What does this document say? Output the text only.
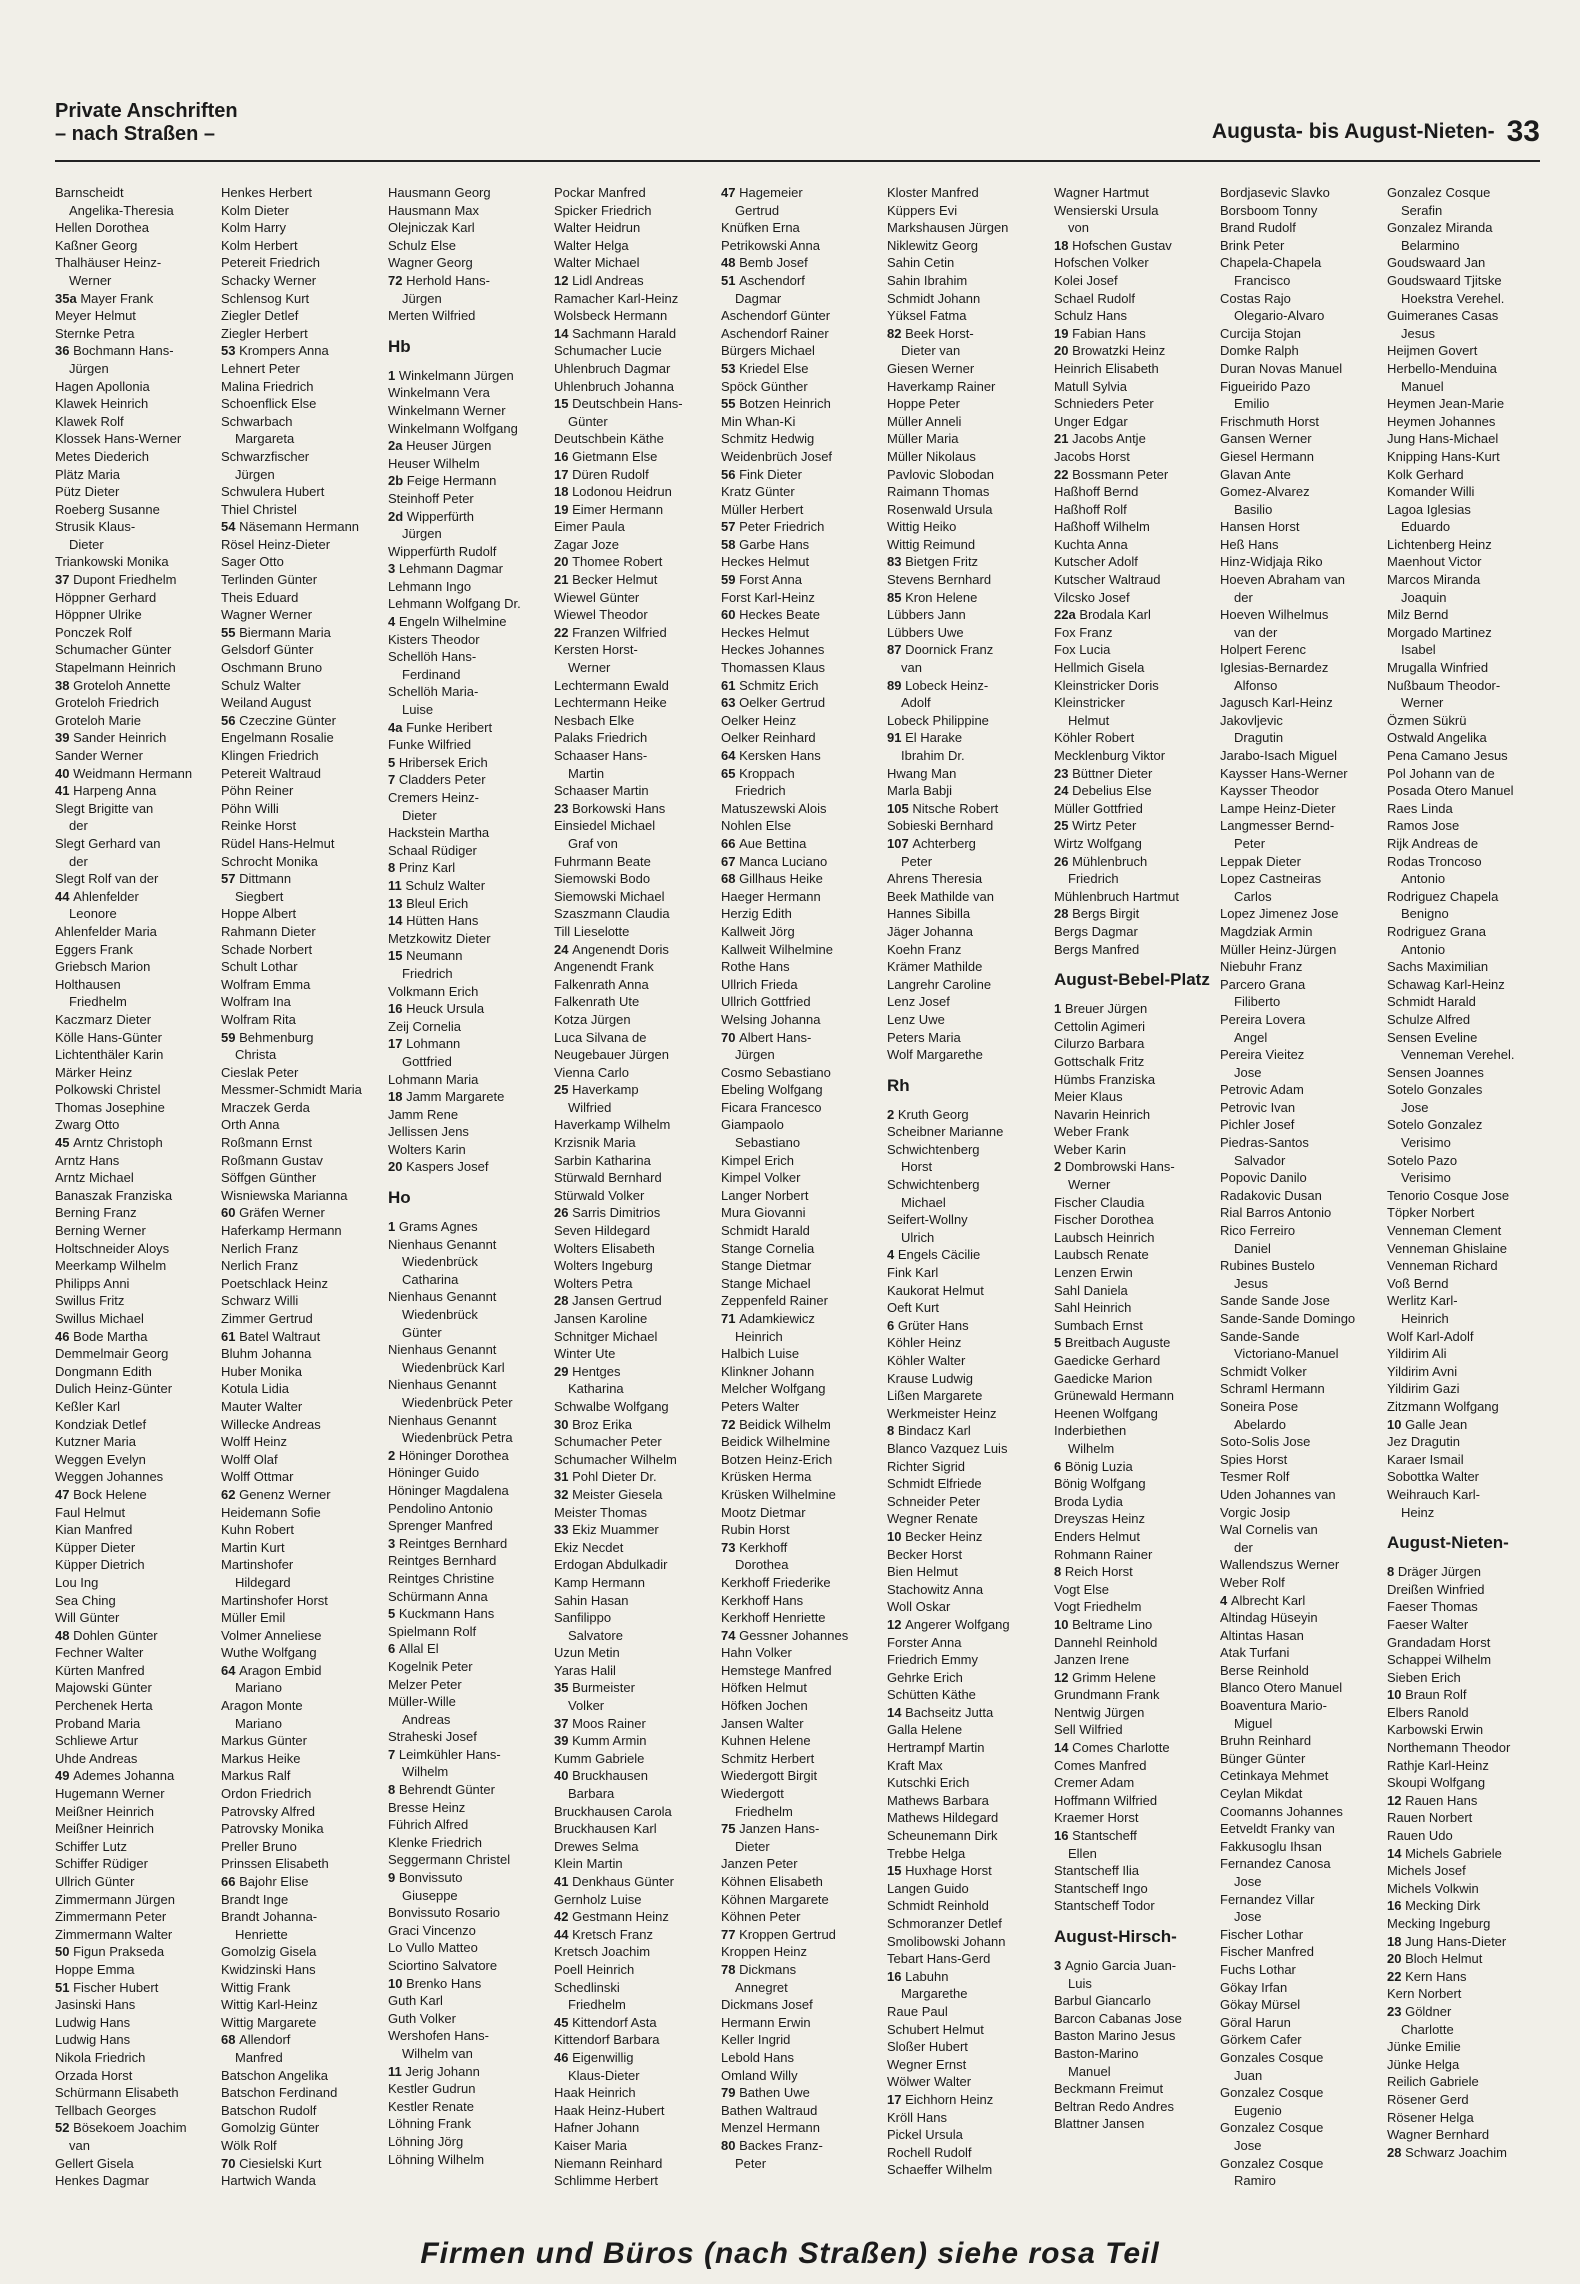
Private Anschriften
– nach Straßen –	Augusta- bis August-Nieten- 33
Barnscheidt
Angelika-Theresia
Hellen Dorothea
Kaßner Georg
Thalhäuser Heinz-
Werner
35a Mayer Frank
Meyer Helmut
Sternke Petra
36 Bochmann Hans-
Jürgen
Hagen Apollonia
Klawek Heinrich
Klawek Rolf
Klossek Hans-Werner
Metes Diederich
Plätz Maria
Pütz Dieter
Roeberg Susanne
Strusik Klaus-
Dieter
Triankowski Monika
37 Dupont Friedhelm
Höppner Gerhard
Höppner Ulrike
Ponczek Rolf
Schumacher Günter
Stapelmann Heinrich
38 Groteloh Annette
Groteloh Friedrich
Groteloh Marie
39 Sander Heinrich
Sander Werner
40 Weidmann Hermann
41 Harpeng Anna
Slegt Brigitte van
der
Slegt Gerhard van
der
Slegt Rolf van der
44 Ahlenfelder
Leonore
Ahlenfelder Maria
Eggers Frank
Griebsch Marion
Holthausen
Friedhelm
Kaczmarz Dieter
Kölle Hans-Günter
Lichtenthäler Karin
Märker Heinz
Polkowski Christel
Thomas Josephine
Zwarg Otto
45 Arntz Christoph
Arntz Hans
Arntz Michael
Banaszak Franziska
Berning Franz
Berning Werner
Holtschneider Aloys
Meerkamp Wilhelm
Philipps Anni
Swillus Fritz
Swillus Michael
46 Bode Martha
Demmelmair Georg
Dongmann Edith
Dulich Heinz-Günter
Keßler Karl
Kondziak Detlef
Kutzner Maria
Weggen Evelyn
Weggen Johannes
47 Bock Helene
Faul Helmut
Kian Manfred
Küpper Dieter
Küpper Dietrich
Lou Ing
Sea Ching
Will Günter
48 Dohlen Günter
Fechner Walter
Kürten Manfred
Majowski Günter
Perchenek Herta
Proband Maria
Schliewe Artur
Uhde Andreas
49 Ademes Johanna
Hugemann Werner
Meißner Heinrich
Meißner Heinrich
Schiffer Lutz
Schiffer Rüdiger
Ullrich Günter
Zimmermann Jürgen
Zimmermann Peter
Zimmermann Walter
50 Figun Prakseda
Hoppe Emma
51 Fischer Hubert
Jasinski Hans
Ludwig Hans
Ludwig Hans
Nikola Friedrich
Orzada Horst
Schürmann Elisabeth
Tellbach Georges
52 Bösekoem Joachim
van
Gellert Gisela
Henkes Dagmar
Henkes Herbert
Kolm Dieter
Kolm Harry
Kolm Herbert
Petereit Friedrich
Schacky Werner
Schlensog Kurt
Ziegler Detlef
Ziegler Herbert
53 Krompers Anna
Lehnert Peter
Malina Friedrich
Schoenflick Else
Schwarbach
Margareta
Schwarzfischer
Jürgen
Schwulera Hubert
Thiel Christel
54 Näsemann Hermann
Rösel Heinz-Dieter
Sager Otto
Terlinden Günter
Theis Eduard
Wagner Werner
55 Biermann Maria
Gelsdorf Günter
Oschmann Bruno
Schulz Walter
Weiland August
56 Czeczine Günter
Engelmann Rosalie
Klingen Friedrich
Petereit Waltraud
Pöhn Reiner
Pöhn Willi
Reinke Horst
Rüdel Hans-Helmut
Schrocht Monika
57 Dittmann
Siegbert
Hoppe Albert
Rahmann Dieter
Schade Norbert
Schult Lothar
Wolfram Emma
Wolfram Ina
Wolfram Rita
59 Behmenburg
Christa
Cieslak Peter
Messmer-Schmidt Maria
Mraczek Gerda
Orth Anna
Roßmann Ernst
Roßmann Gustav
Söffgen Günther
Wisniewska Marianna
60 Gräfen Werner
Haferkamp Hermann
Nerlich Franz
Nerlich Franz
Poetschlack Heinz
Schwarz Willi
Zimmer Gertrud
61 Batel Waltraut
Bluhm Johanna
Huber Monika
Kotula Lidia
Mauter Walter
Willecke Andreas
Wolff Heinz
Wolff Olaf
Wolff Ottmar
62 Genenz Werner
Heidemann Sofie
Kuhn Robert
Martin Kurt
Martinshofer
Hildegard
Martinshofer Horst
Müller Emil
Volmer Anneliese
Wuthe Wolfgang
64 Aragon Embid
Mariano
Aragon Monte
Mariano
Markus Günter
Markus Heike
Markus Ralf
Ordon Friedrich
Patrovsky Alfred
Patrovsky Monika
Preller Bruno
Prinssen Elisabeth
66 Bajohr Elise
Brandt Inge
Brandt Johanna-
Henriette
Gomolzig Gisela
Kwidzinski Hans
Wittig Frank
Wittig Karl-Heinz
Wittig Margarete
68 Allendorf
Manfred
Batschon Angelika
Batschon Ferdinand
Batschon Rudolf
Gomolzig Günter
Wölk Rolf
70 Ciesielski Kurt
Hartwich Wanda
Hausmann Georg
Hausmann Max
Olejniczak Karl
Schulz Else
Wagner Georg
72 Herhold Hans-
Jürgen
Merten Wilfried
Hb
1 Winkelmann Jürgen
Winkelmann Vera
Winkelmann Werner
Winkelmann Wolfgang
2a Heuser Jürgen
Heuser Wilhelm
2b Feige Hermann
Steinhoff Peter
2d Wipperfürth
Jürgen
Wipperfürth Rudolf
3 Lehmann Dagmar
Lehmann Ingo
Lehmann Wolfgang Dr.
4 Engeln Wilhelmine
Kisters Theodor
Schellöh Hans-
Ferdinand
Schellöh Maria-
Luise
4a Funke Heribert
Funke Wilfried
5 Hribersek Erich
7 Cladders Peter
Cremers Heinz-
Dieter
Hackstein Martha
Schaal Rüdiger
8 Prinz Karl
11 Schulz Walter
13 Bleul Erich
14 Hütten Hans
Metzkowitz Dieter
15 Neumann
Friedrich
Volkmann Erich
16 Heuck Ursula
Zeij Cornelia
17 Lohmann
Gottfried
Lohmann Maria
18 Jamm Margarete
Jamm Rene
Jellissen Jens
Wolters Karin
20 Kaspers Josef
Ho
1 Grams Agnes
Nienhaus Genannt
Wiedenbrück
Catharina
Nienhaus Genannt
Wiedenbrück
Günter
Nienhaus Genannt
Wiedenbrück Karl
Nienhaus Genannt
Wiedenbrück Peter
Nienhaus Genannt
Wiedenbrück Petra
2 Höninger Dorothea
Höninger Guido
Höninger Magdalena
Pendolino Antonio
Sprenger Manfred
3 Reintges Bernhard
Reintges Bernhard
Reintges Christine
Schürmann Anna
5 Kuckmann Hans
Spielmann Rolf
6 Allal El
Kogelnik Peter
Melzer Peter
Müller-Wille
Andreas
Straheski Josef
7 Leimkühler Hans-
Wilhelm
8 Behrendt Günter
Bresse Heinz
Führich Alfred
Klenke Friedrich
Seggermann Christel
9 Bonvissuto
Giuseppe
Bonvissuto Rosario
Graci Vincenzo
Lo Vullo Matteo
Sciortino Salvatore
10 Brenko Hans
Guth Karl
Guth Volker
Wershofen Hans-
Wilhelm van
11 Jerig Johann
Kestler Gudrun
Kestler Renate
Löhning Frank
Löhning Jörg
Löhning Wilhelm
Pockar Manfred
Spicker Friedrich
Walter Heidrun
Walter Helga
Walter Michael
12 Lidl Andreas
Ramacher Karl-Heinz
Wolsbeck Hermann
14 Sachmann Harald
Schumacher Lucie
Uhlenbruch Dagmar
Uhlenbruch Johanna
15 Deutschbein Hans-
Günter
Deutschbein Käthe
16 Gietmann Else
17 Düren Rudolf
18 Lodonou Heidrun
19 Eimer Hermann
Eimer Paula
Zagar Joze
20 Thomee Robert
21 Becker Helmut
Wiewel Günter
Wiewel Theodor
22 Franzen Wilfried
Kersten Horst-
Werner
Lechtermann Ewald
Lechtermann Heike
Nesbach Elke
Palaks Friedrich
Schaaser Hans-
Martin
Schaaser Martin
23 Borkowski Hans
Einsiedel Michael
Graf von
Fuhrmann Beate
Siemowski Bodo
Siemowski Michael
Szaszmann Claudia
Till Lieselotte
24 Angenendt Doris
Angenendt Frank
Falkenrath Anna
Falkenrath Ute
Kotza Jürgen
Luca Silvana de
Neugebauer Jürgen
Vienna Carlo
25 Haverkamp
Wilfried
Haverkamp Wilhelm
Krzisnik Maria
Sarbin Katharina
Stürwald Bernhard
Stürwald Volker
26 Sarris Dimitrios
Seven Hildegard
Wolters Elisabeth
Wolters Ingeburg
Wolters Petra
28 Jansen Gertrud
Jansen Karoline
Schnitger Michael
Winter Ute
29 Hentges
Katharina
Schwalbe Wolfgang
30 Broz Erika
Schumacher Peter
Schumacher Wilhelm
31 Pohl Dieter Dr.
32 Meister Giesela
Meister Thomas
33 Ekiz Muammer
Ekiz Necdet
Erdogan Abdulkadir
Kamp Hermann
Sahin Hasan
Sanfilippo
Salvatore
Uzun Metin
Yaras Halil
35 Burmeister
Volker
37 Moos Rainer
39 Kumm Armin
Kumm Gabriele
40 Bruckhausen
Barbara
Bruckhausen Carola
Bruckhausen Karl
Drewes Selma
Klein Martin
41 Denkhaus Günter
Gernholz Luise
42 Gestmann Heinz
44 Kretsch Franz
Kretsch Joachim
Poell Heinrich
Schedlinski
Friedhelm
45 Kittendorf Asta
Kittendorf Barbara
46 Eigenwillig
Klaus-Dieter
Haak Heinrich
Haak Heinz-Hubert
Hafner Johann
Kaiser Maria
Niemann Reinhard
Schlimme Herbert
47 Hagemeier
Gertrud
Knüfken Erna
Petrikowski Anna
48 Bemb Josef
51 Aschendorf
Dagmar
Aschendorf Günter
Aschendorf Rainer
Bürgers Michael
53 Kriedel Else
Spöck Günther
55 Botzen Heinrich
Min Whan-Ki
Schmitz Hedwig
Weidenbrüch Josef
56 Fink Dieter
Kratz Günter
Müller Herbert
57 Peter Friedrich
58 Garbe Hans
Heckes Helmut
59 Forst Anna
Forst Karl-Heinz
60 Heckes Beate
Heckes Helmut
Heckes Johannes
Thomassen Klaus
61 Schmitz Erich
63 Oelker Gertrud
Oelker Heinz
Oelker Reinhard
64 Kersken Hans
65 Kroppach
Friedrich
Matuszewski Alois
Nohlen Else
66 Aue Bettina
67 Manca Luciano
68 Gillhaus Heike
Haeger Hermann
Herzig Edith
Kallweit Jörg
Kallweit Wilhelmine
Rothe Hans
Ullrich Frieda
Ullrich Gottfried
Welsing Johanna
70 Albert Hans-
Jürgen
Cosmo Sebastiano
Ebeling Wolfgang
Ficara Francesco
Giampaolo
Sebastiano
Kimpel Erich
Kimpel Volker
Langer Norbert
Mura Giovanni
Schmidt Harald
Stange Cornelia
Stange Dietmar
Stange Michael
Zeppenfeld Rainer
71 Adamkiewicz
Heinrich
Halbich Luise
Klinkner Johann
Melcher Wolfgang
Peters Walter
72 Beidick Wilhelm
Beidick Wilhelmine
Botzen Heinz-Erich
Krüsken Herma
Krüsken Wilhelmine
Mootz Dietmar
Rubin Horst
73 Kerkhoff
Dorothea
Kerkhoff Friederike
Kerkhoff Hans
Kerkhoff Henriette
74 Gessner Johannes
Hahn Volker
Hemstege Manfred
Höfken Helmut
Höfken Jochen
Jansen Walter
Kuhnen Helene
Schmitz Herbert
Wiedergott Birgit
Wiedergott
Friedhelm
75 Janzen Hans-
Dieter
Janzen Peter
Köhnen Elisabeth
Köhnen Margarete
Köhnen Peter
77 Kroppen Gertrud
Kroppen Heinz
78 Dickmans
Annegret
Dickmans Josef
Hermann Erwin
Keller Ingrid
Lebold Hans
Omland Willy
79 Bathen Uwe
Bathen Waltraud
Menzel Hermann
80 Backes Franz-
Peter
Kloster Manfred
Küppers Evi
Markshausen Jürgen
Niklewitz Georg
Sahin Cetin
Sahin Ibrahim
Schmidt Johann
Yüksel Fatma
82 Beek Horst-
Dieter van
Giesen Werner
Haverkamp Rainer
Hoppe Peter
Müller Anneli
Müller Maria
Müller Nikolaus
Pavlovic Slobodan
Raimann Thomas
Rosenwald Ursula
Wittig Heiko
Wittig Reimund
83 Bietgen Fritz
Stevens Bernhard
85 Kron Helene
Lübbers Jann
Lübbers Uwe
87 Doornick Franz
van
89 Lobeck Heinz-
Adolf
Lobeck Philippine
91 El Harake
Ibrahim Dr.
Hwang Man
Marla Babji
105 Nitsche Robert
Sobieski Bernhard
107 Achterberg
Peter
Ahrens Theresia
Beek Mathilde van
Hannes Sibilla
Jäger Johanna
Koehn Franz
Krämer Mathilde
Langrehr Caroline
Lenz Josef
Lenz Uwe
Peters Maria
Wolf Margarethe
Rh
2 Kruth Georg
Scheibner Marianne
Schwichtenberg
Horst
Schwichtenberg
Michael
Seifert-Wollny
Ulrich
4 Engels Cäcilie
Fink Karl
Kaukorat Helmut
Oeft Kurt
6 Grüter Hans
Köhler Heinz
Köhler Walter
Krause Ludwig
Lißen Margarete
Werkmeister Heinz
8 Bindacz Karl
Blanco Vazquez Luis
Richter Sigrid
Schmidt Elfriede
Schneider Peter
Wegner Renate
10 Becker Heinz
Becker Horst
Bien Helmut
Stachowitz Anna
Woll Oskar
12 Angerer Wolfgang
Forster Anna
Friedrich Emmy
Gehrke Erich
Schütten Käthe
14 Bachseitz Jutta
Galla Helene
Hertrampf Martin
Kraft Max
Kutschki Erich
Mathews Barbara
Mathews Hildegard
Scheunemann Dirk
Trebbe Helga
15 Huxhage Horst
Langen Guido
Schmidt Reinhold
Schmoranzer Detlef
Smolibowski Johann
Tebart Hans-Gerd
16 Labuhn
Margarethe
Raue Paul
Schubert Helmut
Sloßer Hubert
Wegner Ernst
Wölwer Walter
17 Eichhorn Heinz
Kröll Hans
Pickel Ursula
Rochell Rudolf
Schaeffer Wilhelm
Wagner Hartmut
Wensierski Ursula
von
18 Hofschen Gustav
Hofschen Volker
Kolei Josef
Schael Rudolf
Schulz Hans
19 Fabian Hans
20 Browatzki Heinz
Heinrich Elisabeth
Matull Sylvia
Schnieders Peter
Unger Edgar
21 Jacobs Antje
Jacobs Horst
22 Bossmann Peter
Haßhoff Bernd
Haßhoff Rolf
Haßhoff Wilhelm
Kuchta Anna
Kutscher Adolf
Kutscher Waltraud
Vilcsko Josef
22a Brodala Karl
Fox Franz
Fox Lucia
Hellmich Gisela
Kleinstricker Doris
Kleinstricker
Helmut
Köhler Robert
Mecklenburg Viktor
23 Büttner Dieter
24 Debelius Else
Müller Gottfried
25 Wirtz Peter
Wirtz Wolfgang
26 Mühlenbruch
Friedrich
Mühlenbruch Hartmut
28 Bergs Birgit
Bergs Dagmar
Bergs Manfred
August-Bebel-Platz
1 Breuer Jürgen
Cettolin Agimeri
Cilurzo Barbara
Gottschalk Fritz
Hümbs Franziska
Meier Klaus
Navarin Heinrich
Weber Frank
Weber Karin
2 Dombrowski Hans-
Werner
Fischer Claudia
Fischer Dorothea
Laubsch Heinrich
Laubsch Renate
Lenzen Erwin
Sahl Daniela
Sahl Heinrich
Sumbach Ernst
5 Breitbach Auguste
Gaedicke Gerhard
Gaedicke Marion
Grünewald Hermann
Heenen Wolfgang
Inderbiethen
Wilhelm
6 Bönig Luzia
Bönig Wolfgang
Broda Lydia
Dreyszas Heinz
Enders Helmut
Rohmann Rainer
8 Reich Horst
Vogt Else
Vogt Friedhelm
10 Beltrame Lino
Dannehl Reinhold
Janzen Irene
12 Grimm Helene
Grundmann Frank
Nentwig Jürgen
Sell Wilfried
14 Comes Charlotte
Comes Manfred
Cremer Adam
Hoffmann Wilfried
Kraemer Horst
16 Stantscheff
Ellen
Stantscheff Ilia
Stantscheff Ingo
Stantscheff Todor
August-Hirsch-
3 Agnio Garcia Juan-
Luis
Barbul Giancarlo
Barcon Cabanas Jose
Baston Marino Jesus
Baston-Marino
Manuel
Beckmann Freimut
Beltran Redo Andres
Blattner Jansen
Bordjasevic Slavko
Borsboom Tonny
Brand Rudolf
Brink Peter
Chapela-Chapela
Francisco
Costas Rajo
Olegario-Alvaro
Curcija Stojan
Domke Ralph
Duran Novas Manuel
Figueirido Pazo
Emilio
Frischmuth Horst
Gansen Werner
Giesel Hermann
Glavan Ante
Gomez-Alvarez
Basilio
Hansen Horst
Heß Hans
Hinz-Widjaja Riko
Hoeven Abraham van
der
Hoeven Wilhelmus
van der
Holpert Ferenc
Iglesias-Bernardez
Alfonso
Jagusch Karl-Heinz
Jakovljevic
Dragutin
Jarabo-Isach Miguel
Kaysser Hans-Werner
Kaysser Theodor
Lampe Heinz-Dieter
Langmesser Bernd-
Peter
Leppak Dieter
Lopez Castneiras
Carlos
Lopez Jimenez Jose
Magdziak Armin
Müller Heinz-Jürgen
Niebuhr Franz
Parcero Grana
Filiberto
Pereira Lovera
Angel
Pereira Vieitez
Jose
Petrovic Adam
Petrovic Ivan
Pichler Josef
Piedras-Santos
Salvador
Popovic Danilo
Radakovic Dusan
Rial Barros Antonio
Rico Ferreiro
Daniel
Rubines Bustelo
Jesus
Sande Sande Jose
Sande-Sande Domingo
Sande-Sande
Victoriano-Manuel
Schmidt Volker
Schraml Hermann
Soneira Pose
Abelardo
Soto-Solis Jose
Spies Horst
Tesmer Rolf
Uden Johannes van
Vorgic Josip
Wal Cornelis van
der
Wallendszus Werner
Weber Rolf
4 Albrecht Karl
Altindag Hüseyin
Altintas Hasan
Atak Turfani
Berse Reinhold
Blanco Otero Manuel
Boaventura Mario-
Miguel
Bruhn Reinhard
Bünger Günter
Cetinkaya Mehmet
Ceylan Mikdat
Coomanns Johannes
Eetveldt Franky van
Fakkusoglu Ihsan
Fernandez Canosa
Jose
Fernandez Villar
Jose
Fischer Lothar
Fischer Manfred
Fuchs Lothar
Gökay Irfan
Gökay Mürsel
Göral Harun
Görkem Cafer
Gonzales Cosque
Juan
Gonzalez Cosque
Eugenio
Gonzalez Cosque
Jose
Gonzalez Cosque
Ramiro
Gonzalez Cosque
Serafin
Gonzalez Miranda
Belarmino
Goudswaard Jan
Goudswaard Tjitske
Hoekstra Verehel.
Guimeranes Casas
Jesus
Heijmen Govert
Herbello-Menduina
Manuel
Heymen Jean-Marie
Heymen Johannes
Jung Hans-Michael
Knipping Hans-Kurt
Kolk Gerhard
Komander Willi
Lagoa Iglesias
Eduardo
Lichtenberg Heinz
Maenhout Victor
Marcos Miranda
Joaquin
Milz Bernd
Morgado Martinez
Isabel
Mrugalla Winfried
Nußbaum Theodor-
Werner
Özmen Sükrü
Ostwald Angelika
Pena Camano Jesus
Pol Johann van de
Posada Otero Manuel
Raes Linda
Ramos Jose
Rijk Andreas de
Rodas Troncoso
Antonio
Rodriguez Chapela
Benigno
Rodriguez Grana
Antonio
Sachs Maximilian
Schawag Karl-Heinz
Schmidt Harald
Schulze Alfred
Sensen Eveline
Venneman Verehel.
Sensen Joannes
Sotelo Gonzales
Jose
Sotelo Gonzalez
Verisimo
Sotelo Pazo
Verisimo
Tenorio Cosque Jose
Töpker Norbert
Venneman Clement
Venneman Ghislaine
Venneman Richard
Voß Bernd
Werlitz Karl-
Heinrich
Wolf Karl-Adolf
Yildirim Ali
Yildirim Avni
Yildirim Gazi
Zitzmann Wolfgang
10 Galle Jean
Jez Dragutin
Karaer Ismail
Sobottka Walter
Weihrauch Karl-
Heinz
August-Nieten-
8 Dräger Jürgen
Dreißen Winfried
Faeser Thomas
Faeser Walter
Grandadam Horst
Schappei Wilhelm
Sieben Erich
10 Braun Rolf
Elbers Ranold
Karbowski Erwin
Northemann Theodor
Rathje Karl-Heinz
Skoupi Wolfgang
12 Rauen Hans
Rauen Norbert
Rauen Udo
14 Michels Gabriele
Michels Josef
Michels Volkwin
16 Mecking Dirk
Mecking Ingeburg
18 Jung Hans-Dieter
20 Bloch Helmut
22 Kern Hans
Kern Norbert
23 Göldner
Charlotte
Jünke Emilie
Jünke Helga
Reilich Gabriele
Rösener Gerd
Rösener Helga
Wagner Bernhard
28 Schwarz Joachim
Firmen und Büros (nach Straßen) siehe rosa Teil
